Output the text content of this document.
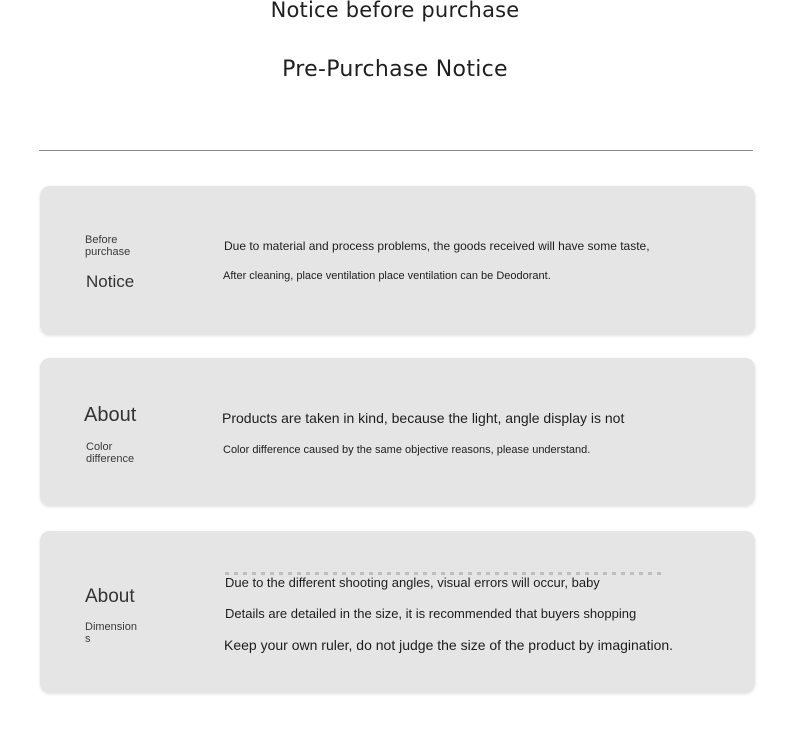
Notice before purchase
Pre-Purchase Notice
Before purchase
Notice
Due to material and process problems, the goods received will have some taste,
After cleaning, place ventilation place ventilation can be Deodorant.
About
Color difference
Products are taken in kind, because the light, angle display is not
Color difference caused by the same objective reasons, please understand.
About
Dimensions
Due to the different shooting angles, visual errors will occur, baby
Details are detailed in the size, it is recommended that buyers shopping
Keep your own ruler, do not judge the size of the product by imagination.
